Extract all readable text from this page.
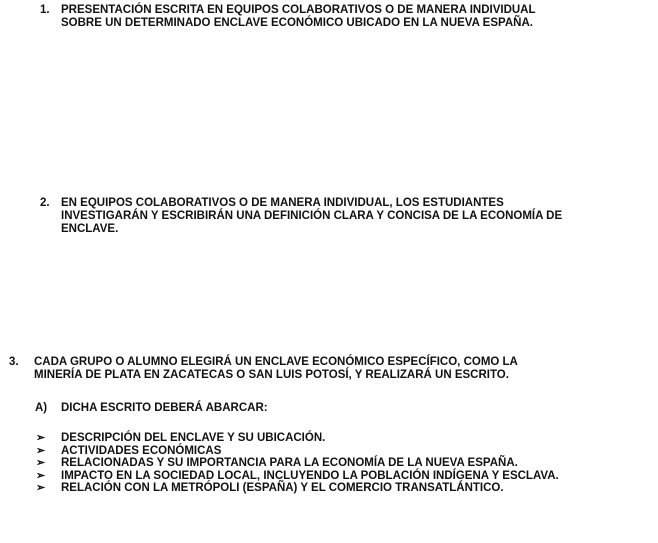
1. PRESENTACIÓN ESCRITA EN EQUIPOS COLABORATIVOS O DE MANERA INDIVIDUAL
SOBRE UN DETERMINADO ENCLAVE ECONÓMICO UBICADO EN LA NUEVA ESPAÑA.
2. EN EQUIPOS COLABORATIVOS O DE MANERA INDIVIDUAL, LOS ESTUDIANTES
INVESTIGARÁN Y ESCRIBIRÁN UNA DEFINICIÓN CLARA Y CONCISA DE LA ECONOMÍA DE
ENCLAVE.
3. CADA GRUPO O ALUMNO ELEGIRÁ UN ENCLAVE ECONÓMICO ESPECÍFICO, COMO LA
MINERÍA DE PLATA EN ZACATECAS O SAN LUIS POTOSÍ, Y REALIZARÁ UN ESCRITO.
A) DICHA ESCRITO DEBERÁ ABARCAR:
➢ DESCRIPCIÓN DEL ENCLAVE Y SU UBICACIÓN.
➢ ACTIVIDADES ECONÓMICAS
➢ RELACIONADAS Y SU IMPORTANCIA PARA LA ECONOMÍA DE LA NUEVA ESPAÑA.
➢ IMPACTO EN LA SOCIEDAD LOCAL, INCLUYENDO LA POBLACIÓN INDÍGENA Y ESCLAVA.
➢ RELACIÓN CON LA METRÓPOLI (ESPAÑA) Y EL COMERCIO TRANSATLÁNTICO.
